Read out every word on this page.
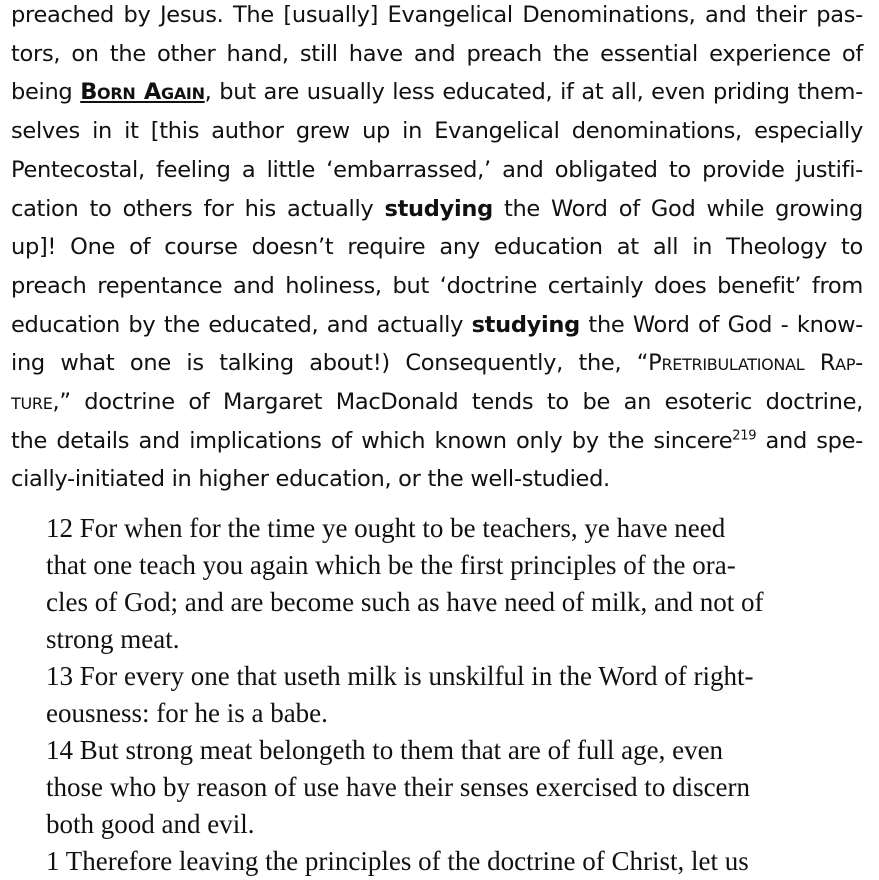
preached by Jesus. The [usually] Evangelical Denominations, and their pas-
tors, on the other hand, still have and preach the essential experience of
being Born Again, but are usually less educated, if at all, even priding them-
selves in it [this author grew up in Evangelical denominations, especially
Pentecostal, feeling a little ‘embarrassed,’ and obligated to provide justifi-
cation to others for his actually studying the Word of God while growing
up]! One of course doesn’t require any education at all in Theology to
preach repentance and holiness, but ‘doctrine certainly does benefit’ from
education by the educated, and actually studying the Word of God - know-
ing what one is talking about!) Consequently, the, “Pretribulational Rap-
ture,” doctrine of Margaret MacDonald tends to be an esoteric doctrine,
the details and implications of which known only by the sincere$^{219}$ and spe-
cially-initiated in higher education, or the well-studied.
12 For when for the time ye ought to be teachers, ye have need
that one teach you again which be the first principles of the ora-
cles of God; and are become such as have need of milk, and not of
strong meat.
13 For every one that useth milk is unskilful in the Word of right-
eousness: for he is a babe.
14 But strong meat belongeth to them that are of full age, even
those who by reason of use have their senses exercised to discern
both good and evil.
1 Therefore leaving the principles of the doctrine of Christ, let us
